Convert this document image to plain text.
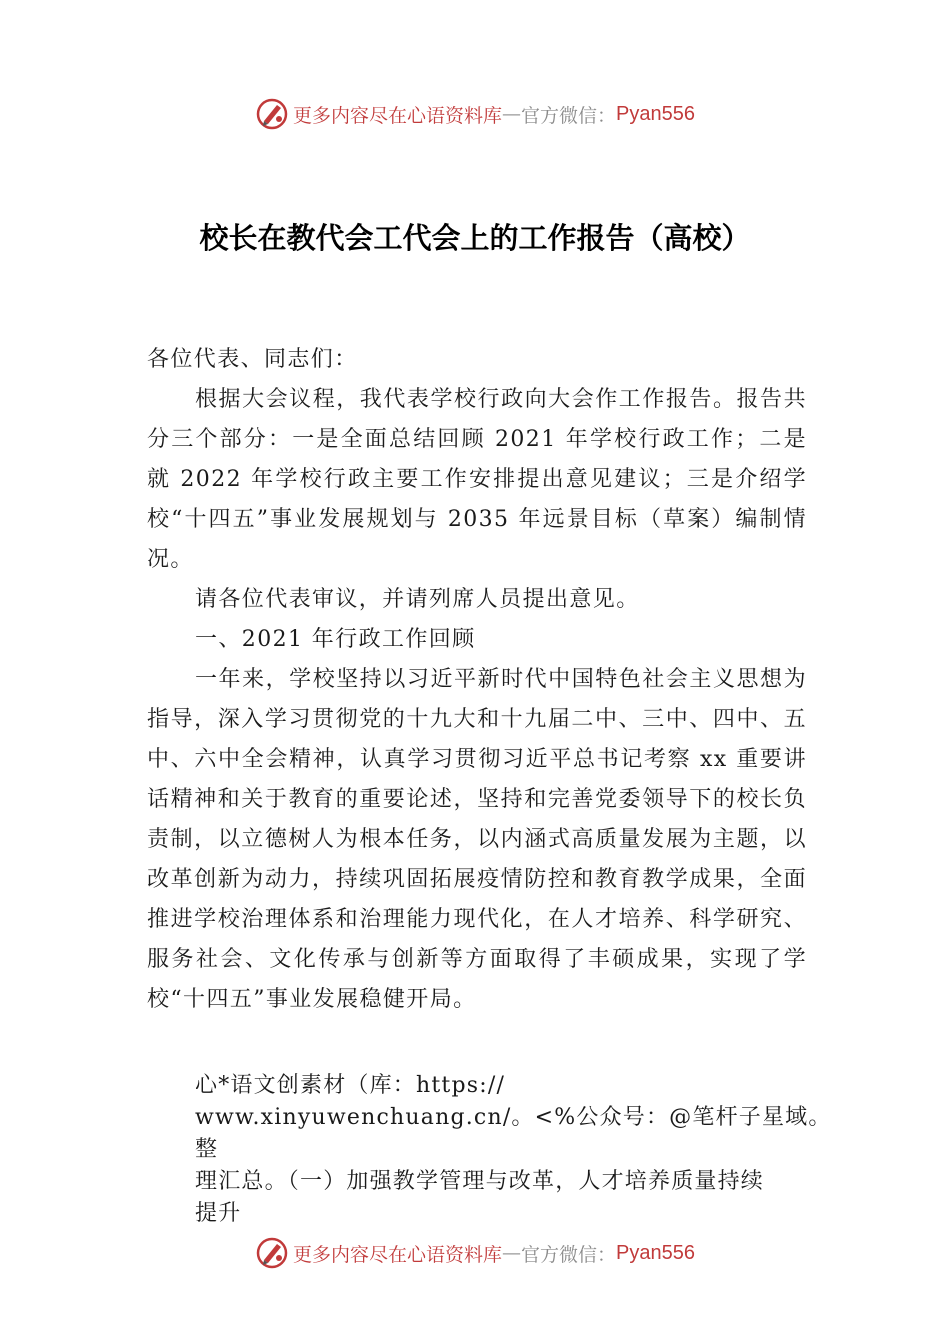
更多内容尽在心语资料库 — 官方微信： Pyan556
校长在教代会工代会上的工作报告（高校）

各位代表、同志们：

根据大会议程，我代表学校行政向大会作工作报告。报告共分三个部分：一是全面总结回顾 2021 年学校行政工作；二是就 2022 年学校行政主要工作安排提出意见建议；三是介绍学校“十四五”事业发展规划与 2035 年远景目标（草案）编制情况。

请各位代表审议，并请列席人员提出意见。

一、2021 年行政工作回顾

一年来，学校坚持以习近平新时代中国特色社会主义思想为指导，深入学习贯彻党的十九大和十九届二中、三中、四中、五中、六中全会精神，认真学习贯彻习近平总书记考察 xx 重要讲话精神和关于教育的重要论述，坚持和完善党委领导下的校长负责制，以立德树人为根本任务，以内涵式高质量发展为主题，以改革创新为动力，持续巩固拓展疫情防控和教育教学成果，全面推进学校治理体系和治理能力现代化，在人才培养、科学研究、服务社会、文化传承与创新等方面取得了丰硕成果，实现了学校“十四五”事业发展稳健开局。

心*语文创素材（库：https://

www.xinyuwenchuang.cn/。<%公众号：@笔杆子星域。整

理汇总。（一）加强教学管理与改革，人才培养质量持续

提升

更多内容尽在心语资料库 — 官方微信： Pyan556
